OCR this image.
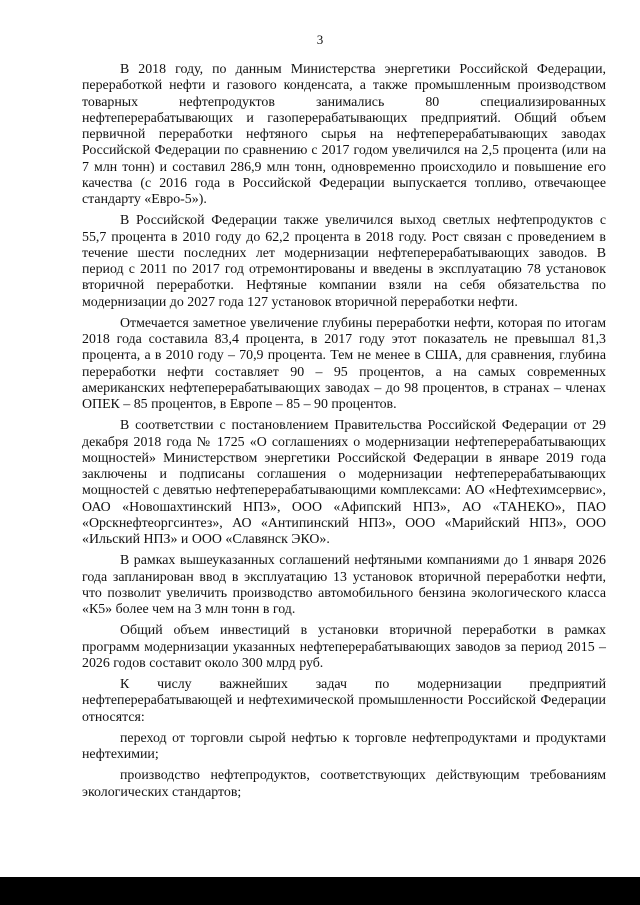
3

В 2018 году, по данным Министерства энергетики Российской Федерации, переработкой нефти и газового конденсата, а также промышленным производством товарных нефтепродуктов занимались 80 специализированных нефтеперерабатывающих и газоперерабатывающих предприятий. Общий объем первичной переработки нефтяного сырья на нефтеперерабатывающих заводах Российской Федерации по сравнению с 2017 годом увеличился на 2,5 процента (или на 7 млн тонн) и составил 286,9 млн тонн, одновременно происходило и повышение его качества (с 2016 года в Российской Федерации выпускается топливо, отвечающее стандарту «Евро-5»).

В Российской Федерации также увеличился выход светлых нефтепродуктов с 55,7 процента в 2010 году до 62,2 процента в 2018 году. Рост связан с проведением в течение шести последних лет модернизации нефтеперерабатывающих заводов. В период с 2011 по 2017 год отремонтированы и введены в эксплуатацию 78 установок вторичной переработки. Нефтяные компании взяли на себя обязательства по модернизации до 2027 года 127 установок вторичной переработки нефти.

Отмечается заметное увеличение глубины переработки нефти, которая по итогам 2018 года составила 83,4 процента, в 2017 году этот показатель не превышал 81,3 процента, а в 2010 году – 70,9 процента. Тем не менее в США, для сравнения, глубина переработки нефти составляет 90 – 95 процентов, а на самых современных американских нефтеперерабатывающих заводах – до 98 процентов, в странах – членах ОПЕК – 85 процентов, в Европе – 85 – 90 процентов.

В соответствии с постановлением Правительства Российской Федерации от 29 декабря 2018 года № 1725 «О соглашениях о модернизации нефтеперерабатывающих мощностей» Министерством энергетики Российской Федерации в январе 2019 года заключены и подписаны соглашения о модернизации нефтеперерабатывающих мощностей с девятью нефтеперерабатывающими комплексами: АО «Нефтехимсервис», ОАО «Новошахтинский НПЗ», ООО «Афипский НПЗ», АО «ТАНЕКО», ПАО «Орскнефтеоргсинтез», АО «Антипинский НПЗ», ООО «Марийский НПЗ», ООО «Ильский НПЗ» и ООО «Славянск ЭКО».

В рамках вышеуказанных соглашений нефтяными компаниями до 1 января 2026 года запланирован ввод в эксплуатацию 13 установок вторичной переработки нефти, что позволит увеличить производство автомобильного бензина экологического класса «К5» более чем на 3 млн тонн в год.

Общий объем инвестиций в установки вторичной переработки в рамках программ модернизации указанных нефтеперерабатывающих заводов за период 2015 – 2026 годов составит около 300 млрд руб.

К числу важнейших задач по модернизации предприятий нефтеперерабатывающей и нефтехимической промышленности Российской Федерации относятся:

переход от торговли сырой нефтью к торговле нефтепродуктами и продуктами нефтехимии;

производство нефтепродуктов, соответствующих действующим требованиям экологических стандартов;
